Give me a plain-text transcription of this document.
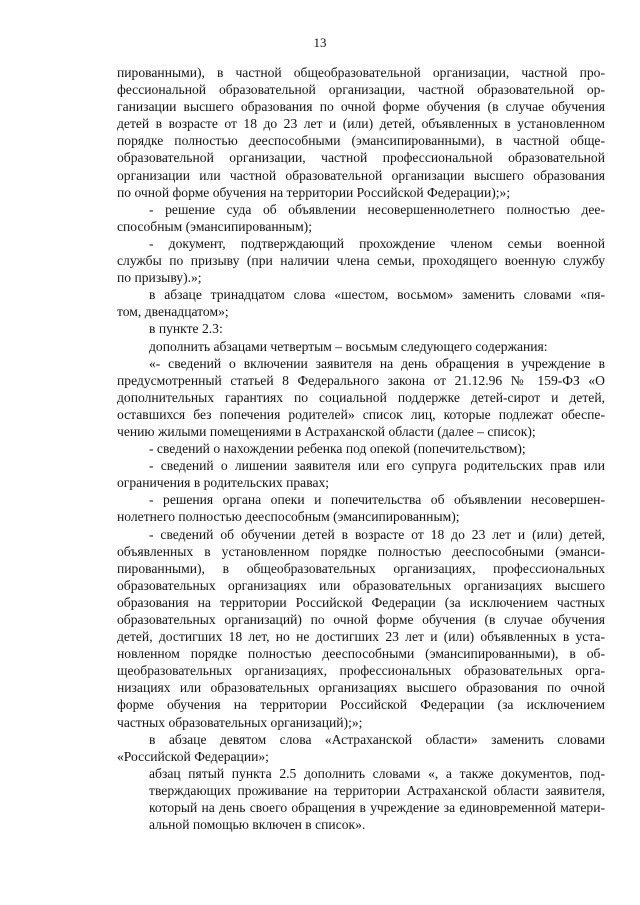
13
пированными), в частной общеобразовательной организации, частной про-
фессиональной образовательной организации, частной образовательной ор-
ганизации высшего образования по очной форме обучения (в случае обучения
детей в возрасте от 18 до 23 лет и (или) детей, объявленных в установленном
порядке полностью дееспособными (эмансипированными), в частной обще-
образовательной организации, частной профессиональной образовательной
организации или частной образовательной организации высшего образования
по очной форме обучения на территории Российской Федерации);»;
- решение суда об объявлении несовершеннолетнего полностью дее-
способным (эмансипированным);
- документ, подтверждающий прохождение членом семьи военной
службы по призыву (при наличии члена семьи, проходящего военную службу
по призыву).»;
в абзаце тринадцатом слова «шестом, восьмом» заменить словами «пя-
том, двенадцатом»;
в пункте 2.3:
дополнить абзацами четвертым – восьмым следующего содержания:
«- сведений о включении заявителя на день обращения в учреждение в
предусмотренный статьей 8 Федерального закона от 21.12.96 № 159-ФЗ «О
дополнительных гарантиях по социальной поддержке детей-сирот и детей,
оставшихся без попечения родителей» список лиц, которые подлежат обеспе-
чению жилыми помещениями в Астраханской области (далее – список);
- сведений о нахождении ребенка под опекой (попечительством);
- сведений о лишении заявителя или его супруга родительских прав или
ограничения в родительских правах;
- решения органа опеки и попечительства об объявлении несовершен-
нолетнего полностью дееспособным (эмансипированным);
- сведений об обучении детей в возрасте от 18 до 23 лет и (или) детей,
объявленных в установленном порядке полностью дееспособными (эманси-
пированными), в общеобразовательных организациях, профессиональных
образовательных организациях или образовательных организациях высшего
образования на территории Российской Федерации (за исключением частных
образовательных организаций) по очной форме обучения (в случае обучения
детей, достигших 18 лет, но не достигших 23 лет и (или) объявленных в уста-
новленном порядке полностью дееспособными (эмансипированными), в об-
щеобразовательных организациях, профессиональных образовательных орга-
низациях или образовательных организациях высшего образования по очной
форме обучения на территории Российской Федерации (за исключением
частных образовательных организаций);»;
в абзаце девятом слова «Астраханской области» заменить словами
«Российской Федерации»;
абзац пятый пункта 2.5 дополнить словами «, а также документов, под-
тверждающих проживание на территории Астраханской области заявителя,
который на день своего обращения в учреждение за единовременной матери-
альной помощью включен в список».
